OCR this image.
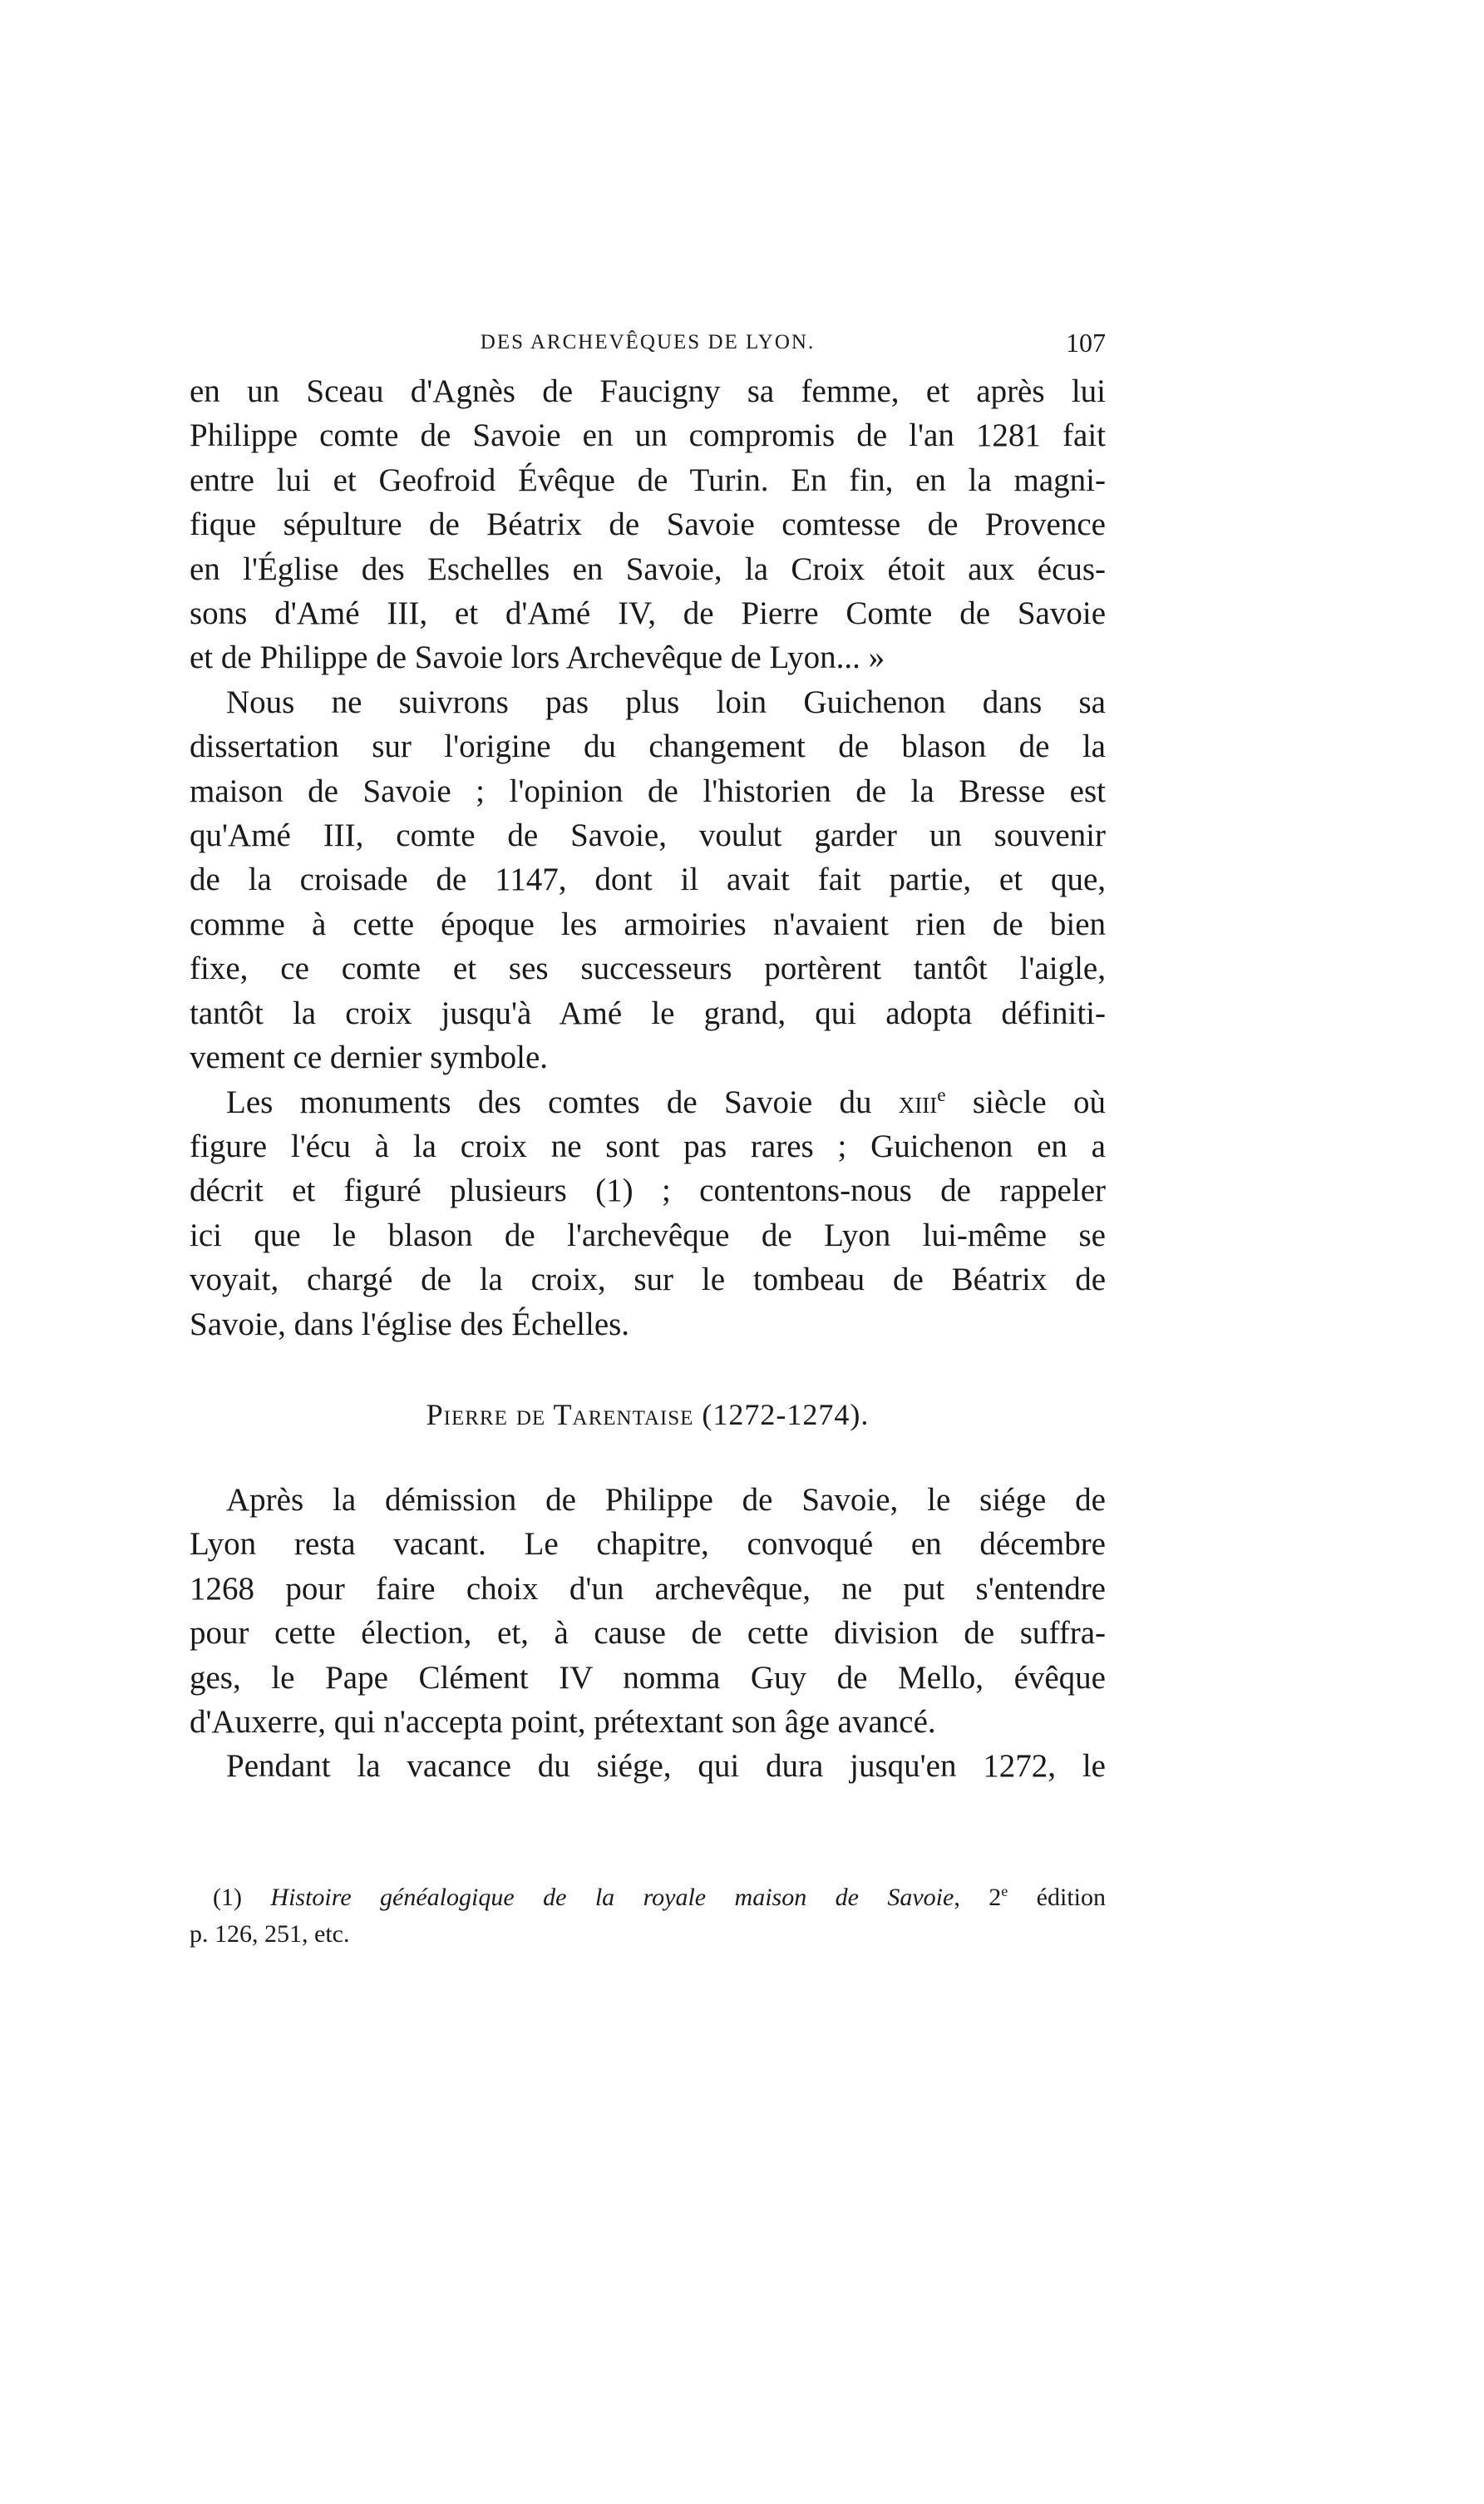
DES ARCHEVÊQUES DE LYON.	107
en un Sceau d'Agnès de Faucigny sa femme, et après lui
Philippe comte de Savoie en un compromis de l'an 1281 fait
entre lui et Geofroid Évêque de Turin. En fin, en la magni-
fique sépulture de Béatrix de Savoie comtesse de Provence
en l'Église des Eschelles en Savoie, la Croix étoit aux écus-
sons d'Amé III, et d'Amé IV, de Pierre Comte de Savoie
et de Philippe de Savoie lors Archevêque de Lyon... »
Nous ne suivrons pas plus loin Guichenon dans sa
dissertation sur l'origine du changement de blason de la
maison de Savoie ; l'opinion de l'historien de la Bresse est
qu'Amé III, comte de Savoie, voulut garder un souvenir
de la croisade de 1147, dont il avait fait partie, et que,
comme à cette époque les armoiries n'avaient rien de bien
fixe, ce comte et ses successeurs portèrent tantôt l'aigle,
tantôt la croix jusqu'à Amé le grand, qui adopta définiti-
vement ce dernier symbole.
Les monuments des comtes de Savoie du xiii$^e$ siècle où
figure l'écu à la croix ne sont pas rares ; Guichenon en a
décrit et figuré plusieurs (1) ; contentons-nous de rappeler
ici que le blason de l'archevêque de Lyon lui-même se
voyait, chargé de la croix, sur le tombeau de Béatrix de
Savoie, dans l'église des Échelles.
Pierre de Tarentaise (1272-1274).
Après la démission de Philippe de Savoie, le siége de
Lyon resta vacant. Le chapitre, convoqué en décembre
1268 pour faire choix d'un archevêque, ne put s'entendre
pour cette élection, et, à cause de cette division de suffra-
ges, le Pape Clément IV nomma Guy de Mello, évêque
d'Auxerre, qui n'accepta point, prétextant son âge avancé.
Pendant la vacance du siége, qui dura jusqu'en 1272, le
(1) Histoire généalogique de la royale maison de Savoie, 2e édition
p. 126, 251, etc.
